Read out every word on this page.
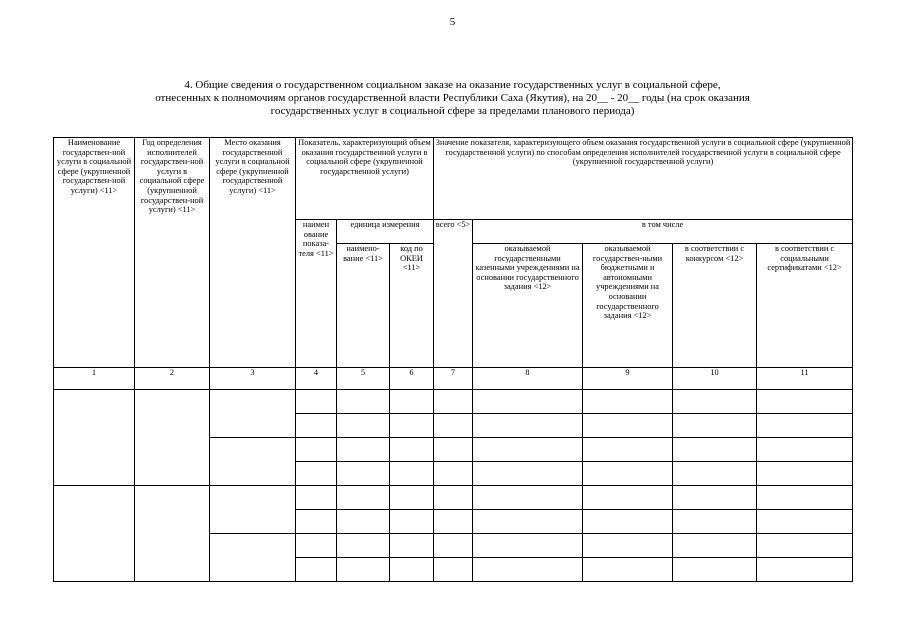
5
4. Общие сведения о государственном социальном заказе на оказание государственных услуг в социальной сфере,
отнесенных к полномочиям органов государственной власти Республики Саха (Якутия), на 20__ - 20__ годы (на срок оказания
государственных услуг в социальной сфере за пределами планового периода)
Наименование государствен-ной услуги в социальной сфере (укрупненной государствен-ной услуги) <11>	Год определения исполнителей государствен-ной услуги в социальной сфере (укрупненной государствен-ной услуги) <11>	Место оказания государственной услуги в социальной сфере (укрупненной государственной услуги) <11>	Показатель, характеризующий объем оказания государственной услуги в социальной сфере (укрупненной государственной услуги)			Значение показателя, характеризующего объем оказания государственной услуги в социальной сфере (укрупненной государственной услуги) по способам определения исполнителей государственной услуги в социальной сфере (укрупненной государственной услуги)				
			наимен ование показа-теля <11>	единица измерения		всего <5>	в том числе			
				наимено-вание <11>	код по ОКЕИ <11>		оказываемой государственными казенными учреждениями на основании государственного задания <12>	оказываемой государствен-ными бюджетными и автономными учреждениями на основании государственного задания <12>	в соответствии с конкурсом <12>	в соответствии с социальными сертификатами <12>

1	2	3	4	5	6	7	8	9	10	11
